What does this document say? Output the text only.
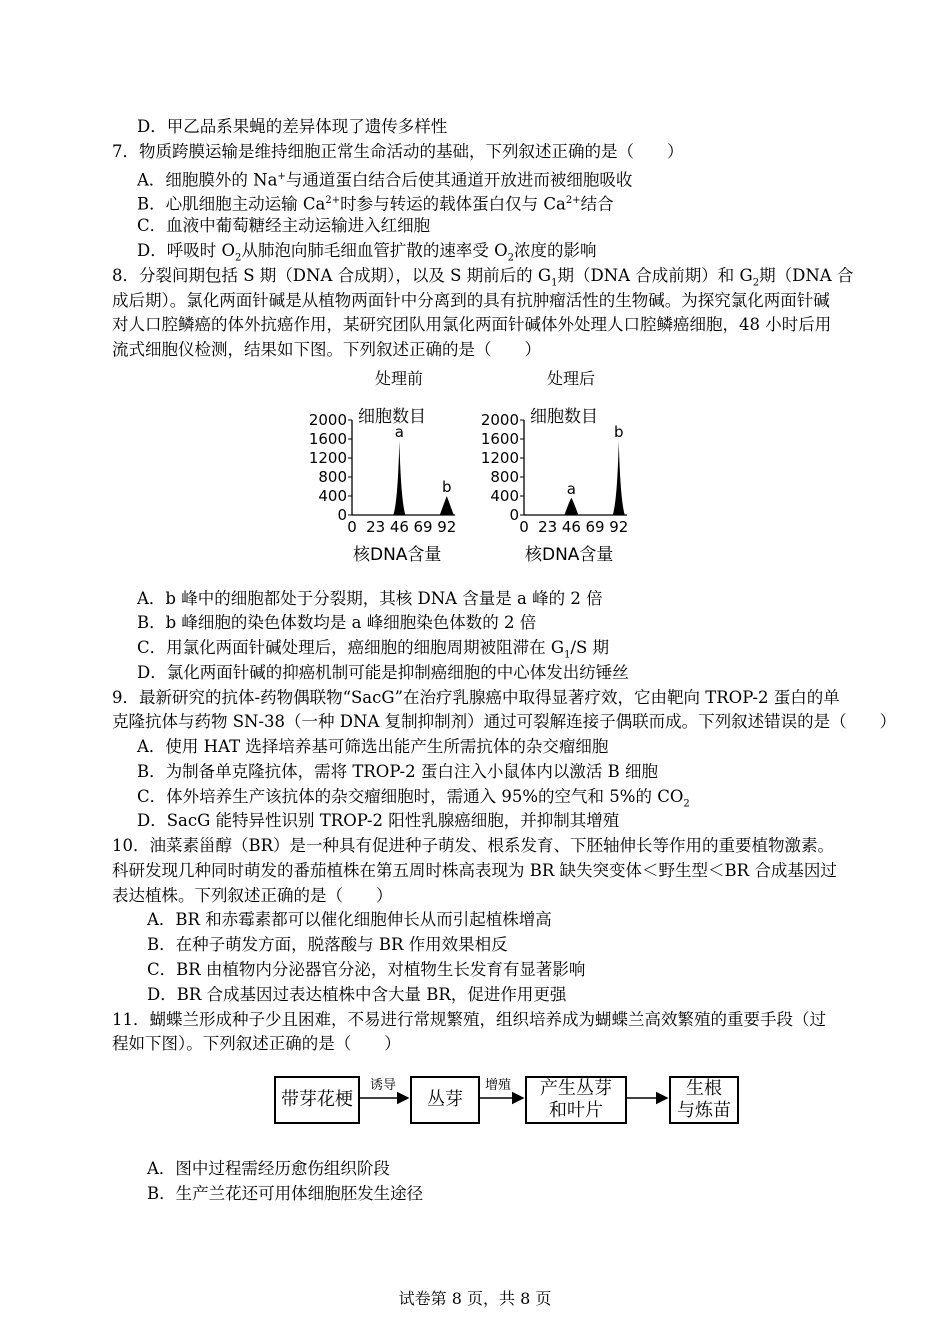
D．甲乙品系果蝇的差异体现了遗传多样性
7．物质跨膜运输是维持细胞正常生命活动的基础，下列叙述正确的是（　　）
A．细胞膜外的 Na+与通道蛋白结合后使其通道开放进而被细胞吸收
B．心肌细胞主动运输 $Ca^{2+}$时参与转运的载体蛋白仅与 $Ca^{2+}$结合
C．血液中葡萄糖经主动运输进入红细胞
D．呼吸时 $O_2$从肺泡向肺毛细血管扩散的速率受 $O_2$浓度的影响
8．分裂间期包括 S 期（DNA 合成期），以及 S 期前后的 $G_1$期（DNA 合成前期）和 $G_2$期（DNA 合
成后期）。氯化两面针碱是从植物两面针中分离到的具有抗肿瘤活性的生物碱。为探究氯化两面针碱
对人口腔鳞癌的体外抗癌作用，某研究团队用氯化两面针碱体外处理人口腔鳞癌细胞，48 小时后用
流式细胞仪检测，结果如下图。下列叙述正确的是（　　）
处理前
细胞数目
核DNA含量
2000
1600
1200
800
400
0
0 23 46 69 92
a
b
处理后
细胞数目
核DNA含量
2000
1600
1200
800
400
0
0 23 46 69 92
a
b
A．b 峰中的细胞都处于分裂期，其核 DNA 含量是 a 峰的 2 倍
B．b 峰细胞的染色体数均是 a 峰细胞染色体数的 2 倍
C．用氯化两面针碱处理后，癌细胞的细胞周期被阻滞在 $G_1/S$ 期
D．氯化两面针碱的抑癌机制可能是抑制癌细胞的中心体发出纺锤丝
9．最新研究的抗体-药物偶联物“SacG”在治疗乳腺癌中取得显著疗效，它由靶向 TROP-2 蛋白的单
克隆抗体与药物 SN-38（一种 DNA 复制抑制剂）通过可裂解连接子偶联而成。下列叙述错误的是（　　）
A．使用 HAT 选择培养基可筛选出能产生所需抗体的杂交瘤细胞
B．为制备单克隆抗体，需将 TROP-2 蛋白注入小鼠体内以激活 B 细胞
C．体外培养生产该抗体的杂交瘤细胞时，需通入 95%的空气和 5%的 $CO_2$
D．SacG 能特异性识别 TROP-2 阳性乳腺癌细胞，并抑制其增殖
10．油菜素甾醇（BR）是一种具有促进种子萌发、根系发育、下胚轴伸长等作用的重要植物激素。
科研发现几种同时萌发的番茄植株在第五周时株高表现为 BR 缺失突变体＜野生型＜BR 合成基因过
表达植株。下列叙述正确的是（　　）
A．BR 和赤霉素都可以催化细胞伸长从而引起植株增高
B．在种子萌发方面，脱落酸与 BR 作用效果相反
C．BR 由植物内分泌器官分泌，对植物生长发育有显著影响
D．BR 合成基因过表达植株中含大量 BR，促进作用更强
11．蝴蝶兰形成种子少且困难，不易进行常规繁殖，组织培养成为蝴蝶兰高效繁殖的重要手段（过
程如下图）。下列叙述正确的是（　　）
带芽花梗
诱导
丛芽
增殖 产生丛芽
和叶片
生根
与炼苗
A．图中过程需经历愈伤组织阶段
B．生产兰花还可用体细胞胚发生途径
试卷第 8 页，共 8 页
